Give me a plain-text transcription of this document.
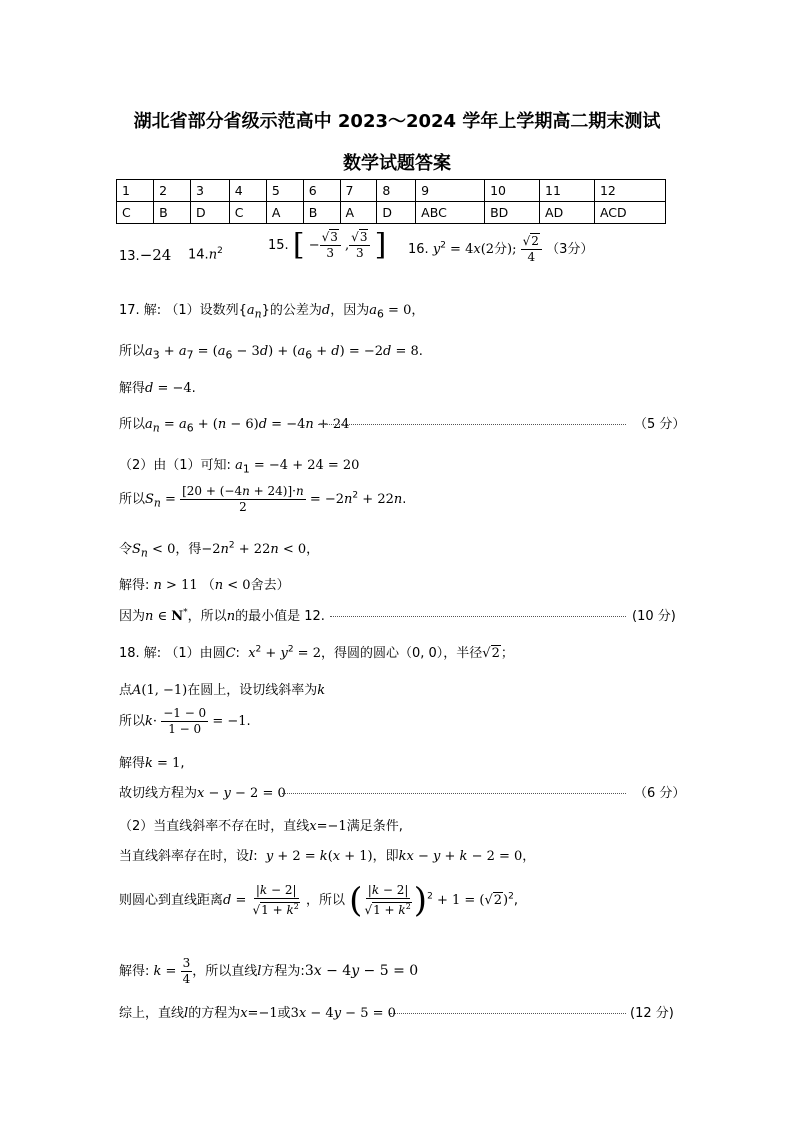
湖北省部分省级示范高中 2023～2024 学年上学期高二期末测试
数学试题答案
1	2	3	4	5	6	7	8	9	10	11	12
C	B	D	C	A	B	A	D	ABC	BD	AD	ACD
13.−24 $14.n^2$	15. [ − $\frac{√3}{3}$ , $\frac{√3}{3}$ ] 16. $y^2 = 4x(2$分); $\frac{√2}{4} (3$分）
17. 解: （1）设数列$\{a_n\}$的公差为d，因为$a_6 = 0$，
所以$a_3 + a_7 = (a_6 - 3d) + (a_6 + d) = -2d = 8$.
解得d = −4.
所以$a_n = a_6 + (n - 6)d = -4n + 24$	（5 分）
（2）由（1）可知: $a_1 = -4 + 24 = 20$
所以$S_n = \frac{[20 + (-4n + 24)]\cdot n}{2} = -2n^2 + 22n$.
令$S_n < 0$，得$-2n^2 + 22n < 0$，
解得: n > 11 （n < 0舍去）
因为n ∈ N*，所以n的最小值是 12.	(10 分)
18. 解: （1）由圆C:  $x^2 + y^2 = 2$，得圆的圆心（0, 0），半径√2；
点A(1, −1)在圆上，设切线斜率为k
所以$k\cdot \frac{-1 - 0}{1 - 0} = -1$.
解得k = 1,
故切线方程为x − y − 2 = 0	（6 分）
（2）当直线斜率不存在时，直线x=−1满足条件,
当直线斜率存在时，设l:  y + 2 = k(x + 1)，即kx − y + k − 2 = 0，
则圆心到直线距离$d = \frac{|k - 2|}{√1 + k^2}$ ，所以 ( $\frac{|k - 2|}{√1 + k^2} )^2 + 1 = (√2)^2$,
解得: $k = \frac{3}{4}$ ，所以直线l方程为:3x − 4y − 5 = 0
综上，直线l的方程为x=−1或3x − 4y − 5 = 0	(12 分)
